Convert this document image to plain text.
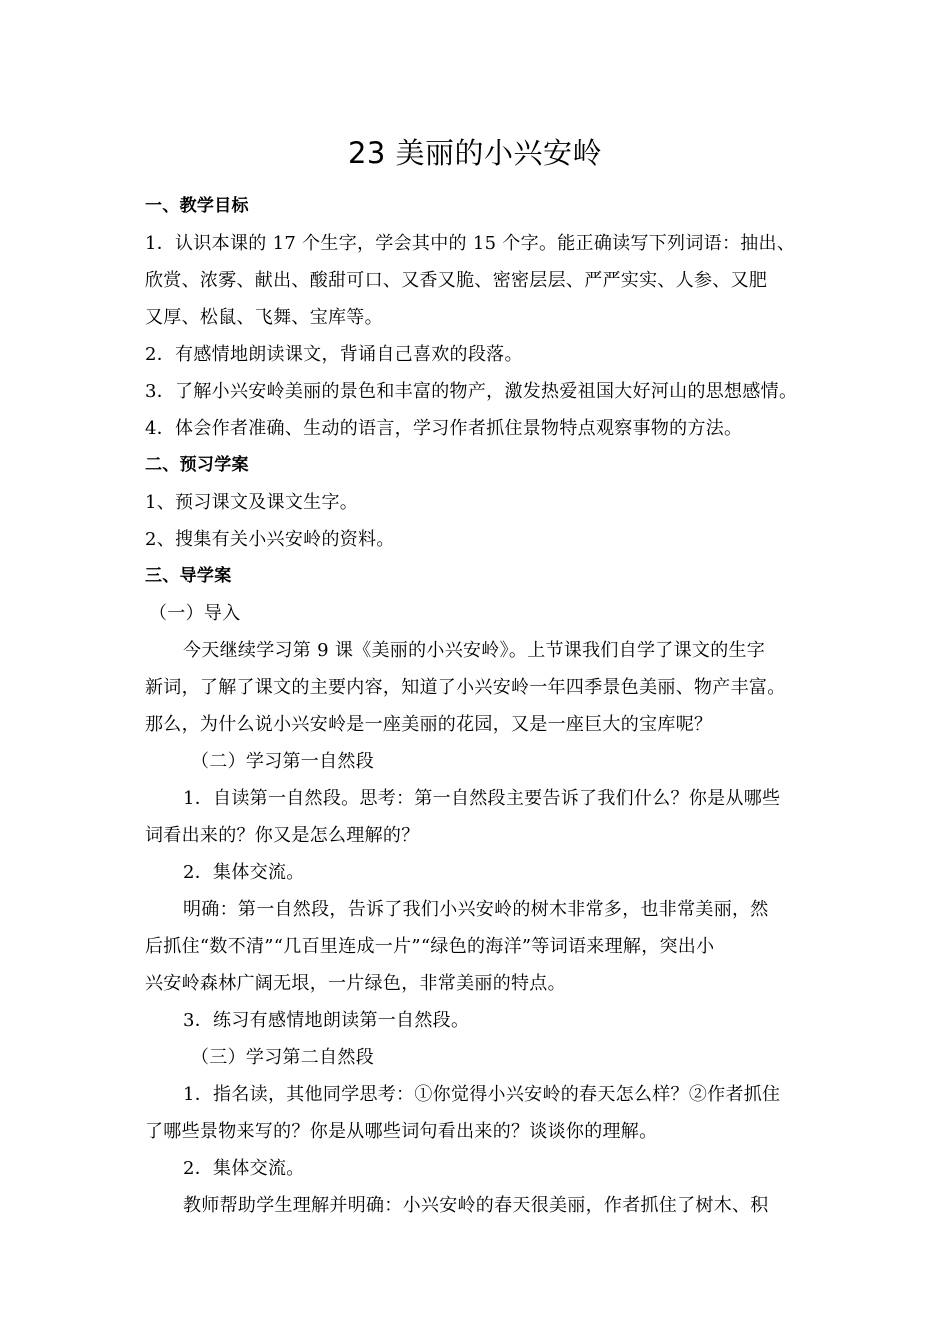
23 美丽的小兴安岭
一、教学目标
1．认识本课的 17 个生字，学会其中的 15 个字。能正确读写下列词语：抽出、
欣赏、浓雾、献出、酸甜可口、又香又脆、密密层层、严严实实、人参、又肥
又厚、松鼠、飞舞、宝库等。
2．有感情地朗读课文，背诵自己喜欢的段落。
3．了解小兴安岭美丽的景色和丰富的物产，激发热爱祖国大好河山的思想感情。
4．体会作者准确、生动的语言，学习作者抓住景物特点观察事物的方法。
二、预习学案
1、预习课文及课文生字。
2、搜集有关小兴安岭的资料。
三、导学案
（一）导入
今天继续学习第 9 课《美丽的小兴安岭》。上节课我们自学了课文的生字
新词，了解了课文的主要内容，知道了小兴安岭一年四季景色美丽、物产丰富。
那么，为什么说小兴安岭是一座美丽的花园，又是一座巨大的宝库呢？
（二）学习第一自然段
1．自读第一自然段。思考：第一自然段主要告诉了我们什么？你是从哪些
词看出来的？你又是怎么理解的？
2．集体交流。
明确：第一自然段，告诉了我们小兴安岭的树木非常多，也非常美丽，然
后抓住“数不清”“几百里连成一片”“绿色的海洋”等词语来理解，突出小
兴安岭森林广阔无垠，一片绿色，非常美丽的特点。
3．练习有感情地朗读第一自然段。
（三）学习第二自然段
1．指名读，其他同学思考：①你觉得小兴安岭的春天怎么样？②作者抓住
了哪些景物来写的？你是从哪些词句看出来的？谈谈你的理解。
2．集体交流。
教师帮助学生理解并明确：小兴安岭的春天很美丽，作者抓住了树木、积
